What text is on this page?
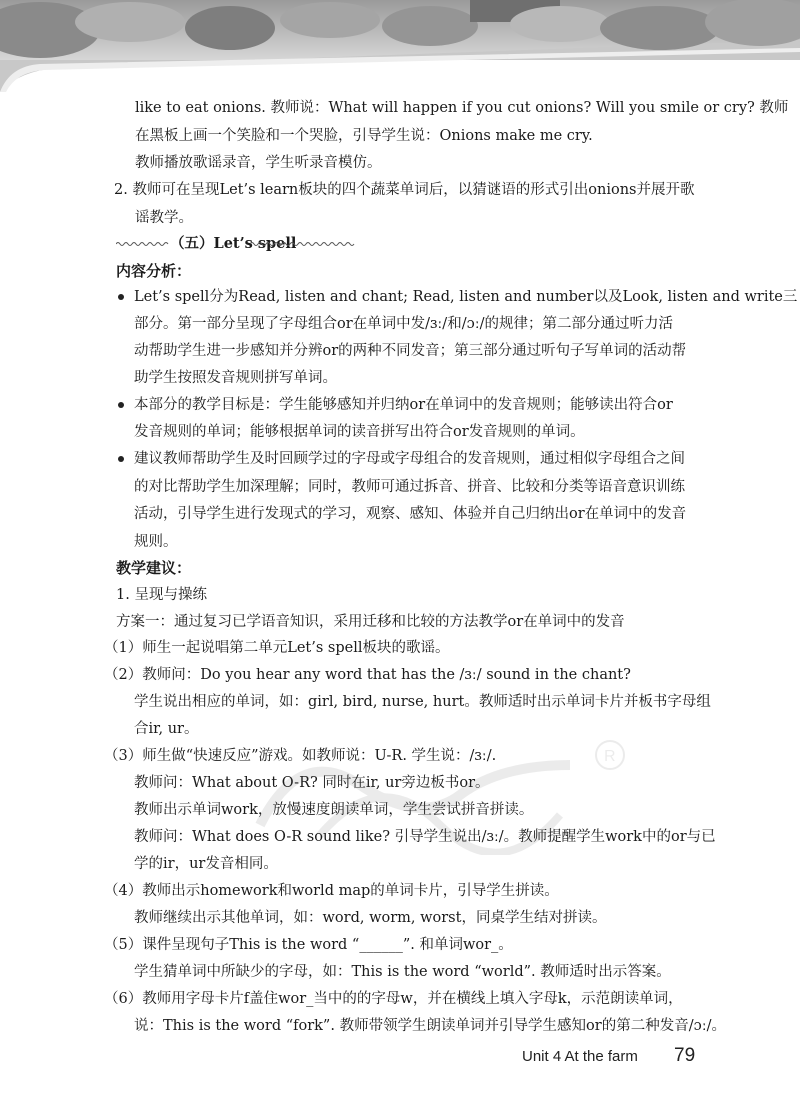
like to eat onions. 教师说：What will happen if you cut onions? Will you smile or cry? 教师
在黑板上画一个笑脸和一个哭脸，引导学生说：Onions make me cry.
教师播放歌谣录音，学生听录音模仿。
2. 教师可在呈现Let’s learn板块的四个蔬菜单词后，以猜谜语的形式引出onions并展开歌
谣教学。
（五）Let’s spell
内容分析：
Let’s spell分为Read, listen and chant; Read, listen and number以及Look, listen and write三
部分。第一部分呈现了字母组合or在单词中发/ɜː/和/ɔː/的规律；第二部分通过听力活
动帮助学生进一步感知并分辨or的两种不同发音；第三部分通过听句子写单词的活动帮
助学生按照发音规则拼写单词。
本部分的教学目标是：学生能够感知并归纳or在单词中的发音规则；能够读出符合or
发音规则的单词；能够根据单词的读音拼写出符合or发音规则的单词。
建议教师帮助学生及时回顾学过的字母或字母组合的发音规则，通过相似字母组合之间
的对比帮助学生加深理解；同时，教师可通过拆音、拼音、比较和分类等语音意识训练
活动，引导学生进行发现式的学习，观察、感知、体验并自己归纳出or在单词中的发音
规则。
教学建议：
1. 呈现与操练
方案一：通过复习已学语音知识，采用迁移和比较的方法教学or在单词中的发音
（1）师生一起说唱第二单元Let’s spell板块的歌谣。
（2）教师问：Do you hear any word that has the /ɜː/ sound in the chant?
学生说出相应的单词，如：girl, bird, nurse, hurt。教师适时出示单词卡片并板书字母组
合ir, ur。
（3）师生做“快速反应”游戏。如教师说：U-R. 学生说：/ɜː/.
教师问：What about O-R? 同时在ir, ur旁边板书or。
教师出示单词work，放慢速度朗读单词，学生尝试拼音拼读。
教师问：What does O-R sound like? 引导学生说出/ɜː/。教师提醒学生work中的or与已
学的ir，ur发音相同。
（4）教师出示homework和world map的单词卡片，引导学生拼读。
教师继续出示其他单词，如：word, worm, worst，同桌学生结对拼读。
（5）课件呈现句子This is the word “______”. 和单词wor_。
学生猜单词中所缺少的字母，如：This is the word “world”. 教师适时出示答案。
（6）教师用字母卡片f盖住wor_当中的的字母w，并在横线上填入字母k，示范朗读单词，
说：This is the word “fork”. 教师带领学生朗读单词并引导学生感知or的第二种发音/ɔː/。
R
Unit 4 At the farm 79
